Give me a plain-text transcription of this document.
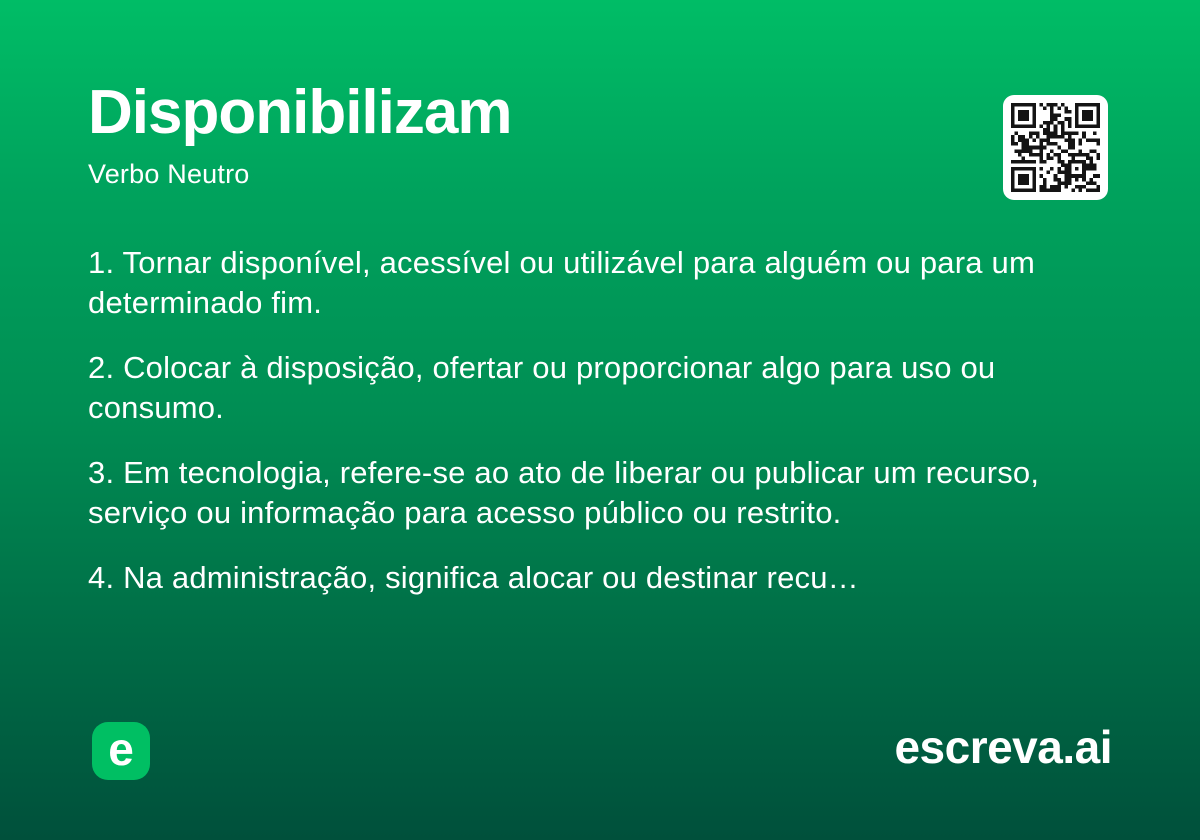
Disponibilizam
Verbo Neutro

1. Tornar disponível, acessível ou utilizável para alguém ou para um determinado fim.

2. Colocar à disposição, ofertar ou proporcionar algo para uso ou consumo.

3. Em tecnologia, refere-se ao ato de liberar ou publicar um recurso, serviço ou informação para acesso público ou restrito.

4. Na administração, significa alocar ou destinar recu…

e	escreva.ai
